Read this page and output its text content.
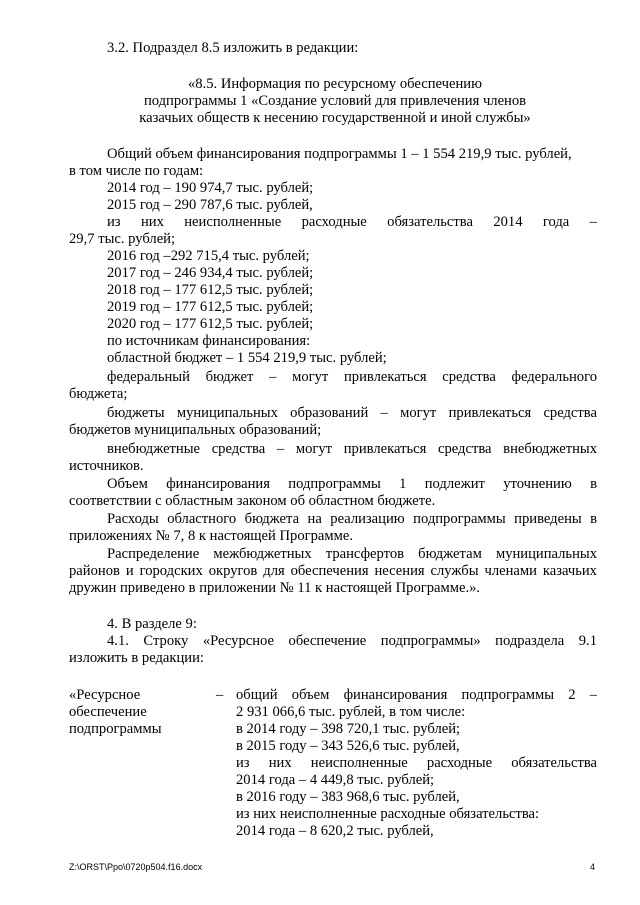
3.2. Подраздел 8.5 изложить в редакции:
«8.5. Информация по ресурсному обеспечению
подпрограммы 1 «Создание условий для привлечения членов
казачьих обществ к несению государственной и иной службы»
Общий объем финансирования подпрограммы 1 – 1 554 219,9 тыс. рублей,
в том числе по годам:
2014 год – 190 974,7 тыс. рублей;
2015 год – 290 787,6 тыс. рублей,
из них неисполненные расходные обязательства 2014 года –
29,7 тыс. рублей;
2016 год –292 715,4 тыс. рублей;
2017 год – 246 934,4 тыс. рублей;
2018 год – 177 612,5 тыс. рублей;
2019 год – 177 612,5 тыс. рублей;
2020 год – 177 612,5 тыс. рублей;
по источникам финансирования:
областной бюджет – 1 554 219,9 тыс. рублей;
федеральный бюджет – могут привлекаться средства федерального
бюджета;
бюджеты муниципальных образований – могут привлекаться средства
бюджетов муниципальных образований;
внебюджетные средства – могут привлекаться средства внебюджетных
источников.
Объем финансирования подпрограммы 1 подлежит уточнению в
соответствии с областным законом об областном бюджете.
Расходы областного бюджета на реализацию подпрограммы приведены в
приложениях № 7, 8 к настоящей Программе.
Распределение межбюджетных трансфертов бюджетам муниципальных
районов и городских округов для обеспечения несения службы членами казачьих
дружин приведено в приложении № 11 к настоящей Программе.».
4. В разделе 9:
4.1. Строку «Ресурсное обеспечение подпрограммы» подраздела 9.1
изложить в редакции:
«Ресурсное
обеспечение
подпрограммы
– общий объем финансирования подпрограммы 2 –
2 931 066,6 тыс. рублей, в том числе:
в 2014 году – 398 720,1 тыс. рублей;
в 2015 году – 343 526,6 тыс. рублей,
из них неисполненные расходные обязательства
2014 года – 4 449,8 тыс. рублей;
в 2016 году – 383 968,6 тыс. рублей,
из них неисполненные расходные обязательства:
2014 года – 8 620,2 тыс. рублей,
Z:\ORST\Ppo\0720p504.f16.docx	4
